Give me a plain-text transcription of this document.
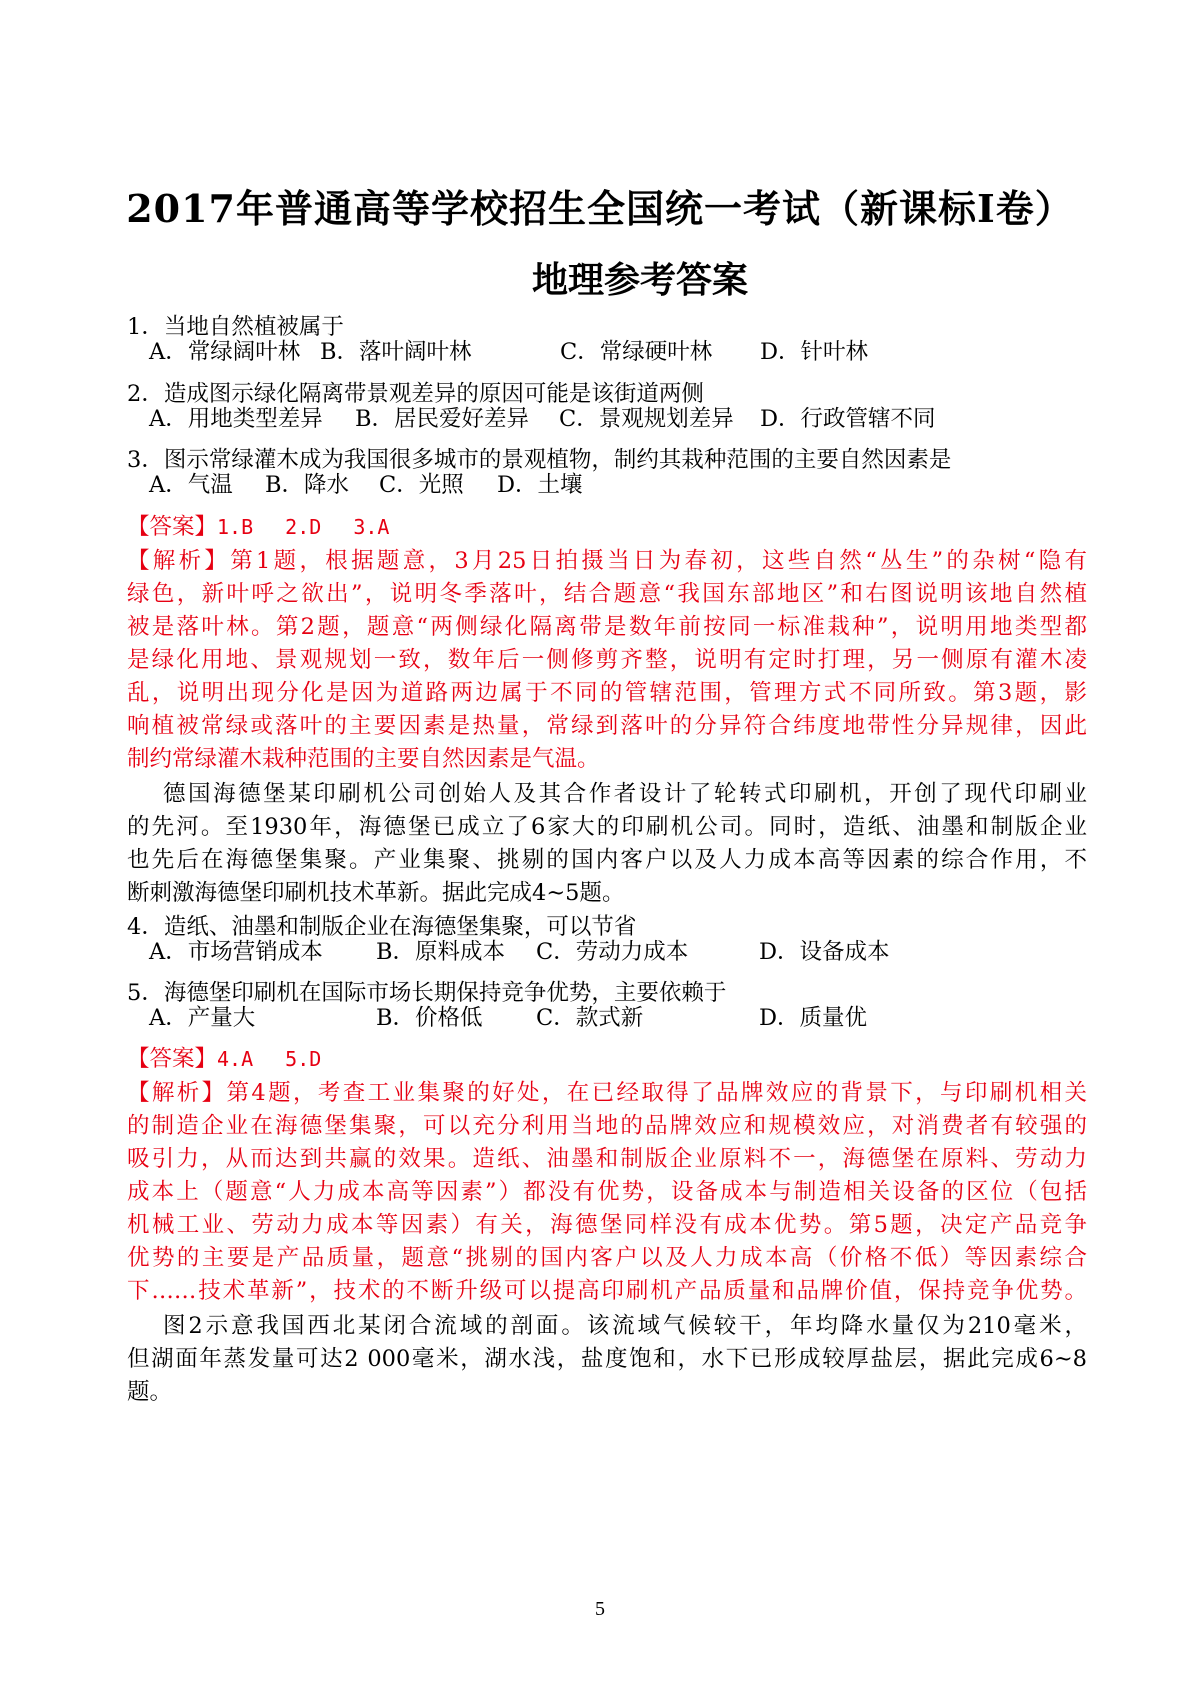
2017年普通高等学校招生全国统一考试（新课标Ⅰ卷）
地理参考答案
1．当地自然植被属于
A．常绿阔叶林 B．落叶阔叶林	C．常绿硬叶林 D．针叶林
2．造成图示绿化隔离带景观差异的原因可能是该街道两侧
A．用地类型差异 B．居民爱好差异 C．景观规划差异 D．行政管辖不同
3．图示常绿灌木成为我国很多城市的景观植物，制约其栽种范围的主要自然因素是
A．气温 B．降水 C．光照 D．土壤
【答案】1.B　 2.D　 3.A
【解析】第1题，根据题意，3月25日拍摄当日为春初，这些自然“丛生”的杂树“隐有
绿色，新叶呼之欲出”，说明冬季落叶，结合题意“我国东部地区”和右图说明该地自然植
被是落叶林。第2题，题意“两侧绿化隔离带是数年前按同一标准栽种”，说明用地类型都
是绿化用地、景观规划一致，数年后一侧修剪齐整，说明有定时打理，另一侧原有灌木凌
乱，说明出现分化是因为道路两边属于不同的管辖范围，管理方式不同所致。第3题，影
响植被常绿或落叶的主要因素是热量，常绿到落叶的分异符合纬度地带性分异规律，因此
制约常绿灌木栽种范围的主要自然因素是气温。
德国海德堡某印刷机公司创始人及其合作者设计了轮转式印刷机，开创了现代印刷业
的先河。至1930年，海德堡已成立了6家大的印刷机公司。同时，造纸、油墨和制版企业
也先后在海德堡集聚。产业集聚、挑剔的国内客户以及人力成本高等因素的综合作用，不
断刺激海德堡印刷机技术革新。据此完成4~5题。
4．造纸、油墨和制版企业在海德堡集聚，可以节省
A．市场营销成本 B．原料成本 C．劳动力成本	D．设备成本
5．海德堡印刷机在国际市场长期保持竞争优势，主要依赖于
A．产量大	B．价格低 C．款式新	D．质量优
【答案】4.A　 5.D
【解析】第4题，考查工业集聚的好处，在已经取得了品牌效应的背景下，与印刷机相关
的制造企业在海德堡集聚，可以充分利用当地的品牌效应和规模效应，对消费者有较强的
吸引力，从而达到共赢的效果。造纸、油墨和制版企业原料不一，海德堡在原料、劳动力
成本上（题意“人力成本高等因素”）都没有优势，设备成本与制造相关设备的区位（包括
机械工业、劳动力成本等因素）有关，海德堡同样没有成本优势。第5题，决定产品竞争
优势的主要是产品质量，题意“挑剔的国内客户以及人力成本高（价格不低）等因素综合
下……技术革新”，技术的不断升级可以提高印刷机产品质量和品牌价值，保持竞争优势。
图2示意我国西北某闭合流域的剖面。该流域气候较干，年均降水量仅为210毫米，
但湖面年蒸发量可达2 000毫米，湖水浅，盐度饱和，水下已形成较厚盐层，据此完成6~8
题。
5
